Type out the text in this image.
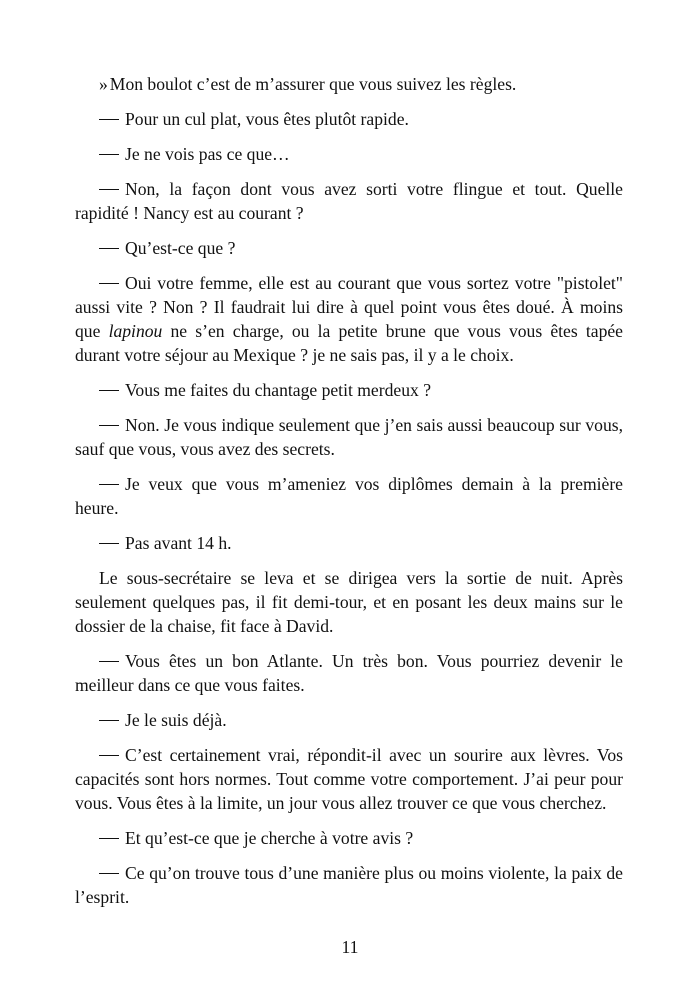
» Mon boulot c’est de m’assurer que vous suivez les règles.

Pour un cul plat, vous êtes plutôt rapide.

Je ne vois pas ce que…

Non, la façon dont vous avez sorti votre flingue et tout. Quelle rapidité ! Nancy est au courant ?

Qu’est-ce que ?

Oui votre femme, elle est au courant que vous sortez votre "pistolet" aussi vite ? Non ? Il faudrait lui dire à quel point vous êtes doué. À moins que lapinou ne s’en charge, ou la petite brune que vous vous êtes tapée durant votre séjour au Mexique ? je ne sais pas, il y a le choix.

Vous me faites du chantage petit merdeux ?

Non. Je vous indique seulement que j’en sais aussi beaucoup sur vous, sauf que vous, vous avez des secrets.

Je veux que vous m’ameniez vos diplômes demain à la première heure.

Pas avant 14 h.

Le sous-secrétaire se leva et se dirigea vers la sortie de nuit. Après seulement quelques pas, il fit demi-tour, et en posant les deux mains sur le dossier de la chaise, fit face à David.

Vous êtes un bon Atlante. Un très bon. Vous pourriez devenir le meilleur dans ce que vous faites.

Je le suis déjà.

C’est certainement vrai, répondit-il avec un sourire aux lèvres. Vos capacités sont hors normes. Tout comme votre comportement. J’ai peur pour vous. Vous êtes à la limite, un jour vous allez trouver ce que vous cherchez.

Et qu’est-ce que je cherche à votre avis ?

Ce qu’on trouve tous d’une manière plus ou moins violente, la paix de l’esprit.

11
